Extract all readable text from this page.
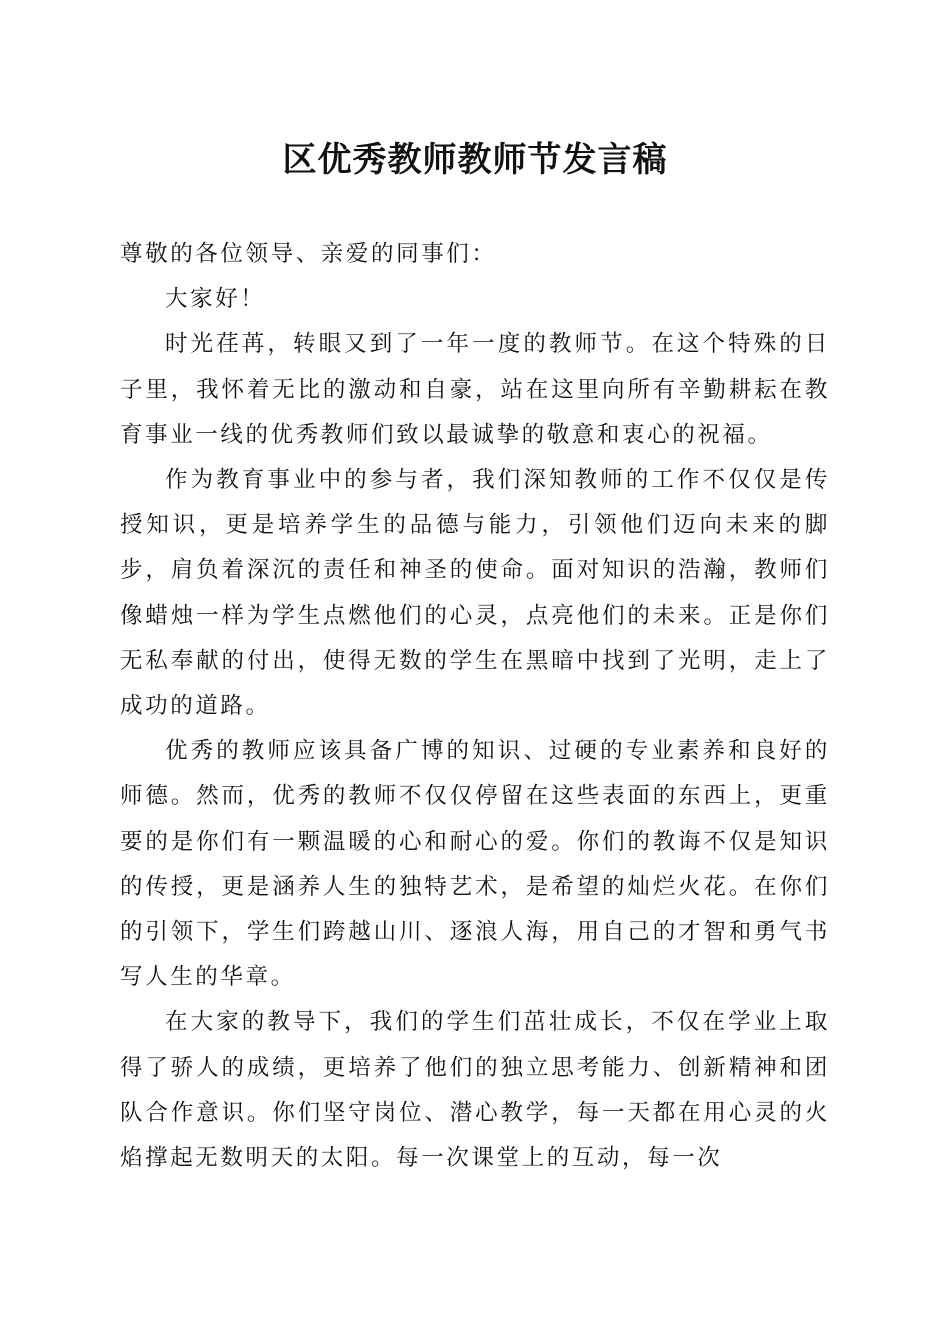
区优秀教师教师节发言稿

尊敬的各位领导、亲爱的同事们：

大家好！

时光荏苒，转眼又到了一年一度的教师节。在这个特殊的日子里，我怀着无比的激动和自豪，站在这里向所有辛勤耕耘在教育事业一线的优秀教师们致以最诚挚的敬意和衷心的祝福。

作为教育事业中的参与者，我们深知教师的工作不仅仅是传授知识，更是培养学生的品德与能力，引领他们迈向未来的脚步，肩负着深沉的责任和神圣的使命。面对知识的浩瀚，教师们像蜡烛一样为学生点燃他们的心灵，点亮他们的未来。正是你们无私奉献的付出，使得无数的学生在黑暗中找到了光明，走上了成功的道路。

优秀的教师应该具备广博的知识、过硬的专业素养和良好的师德。然而，优秀的教师不仅仅停留在这些表面的东西上，更重要的是你们有一颗温暖的心和耐心的爱。你们的教诲不仅是知识的传授，更是涵养人生的独特艺术，是希望的灿烂火花。在你们的引领下，学生们跨越山川、逐浪人海，用自己的才智和勇气书写人生的华章。

在大家的教导下，我们的学生们茁壮成长，不仅在学业上取得了骄人的成绩，更培养了他们的独立思考能力、创新精神和团队合作意识。你们坚守岗位、潜心教学，每一天都在用心灵的火焰撑起无数明天的太阳。每一次课堂上的互动，每一次
